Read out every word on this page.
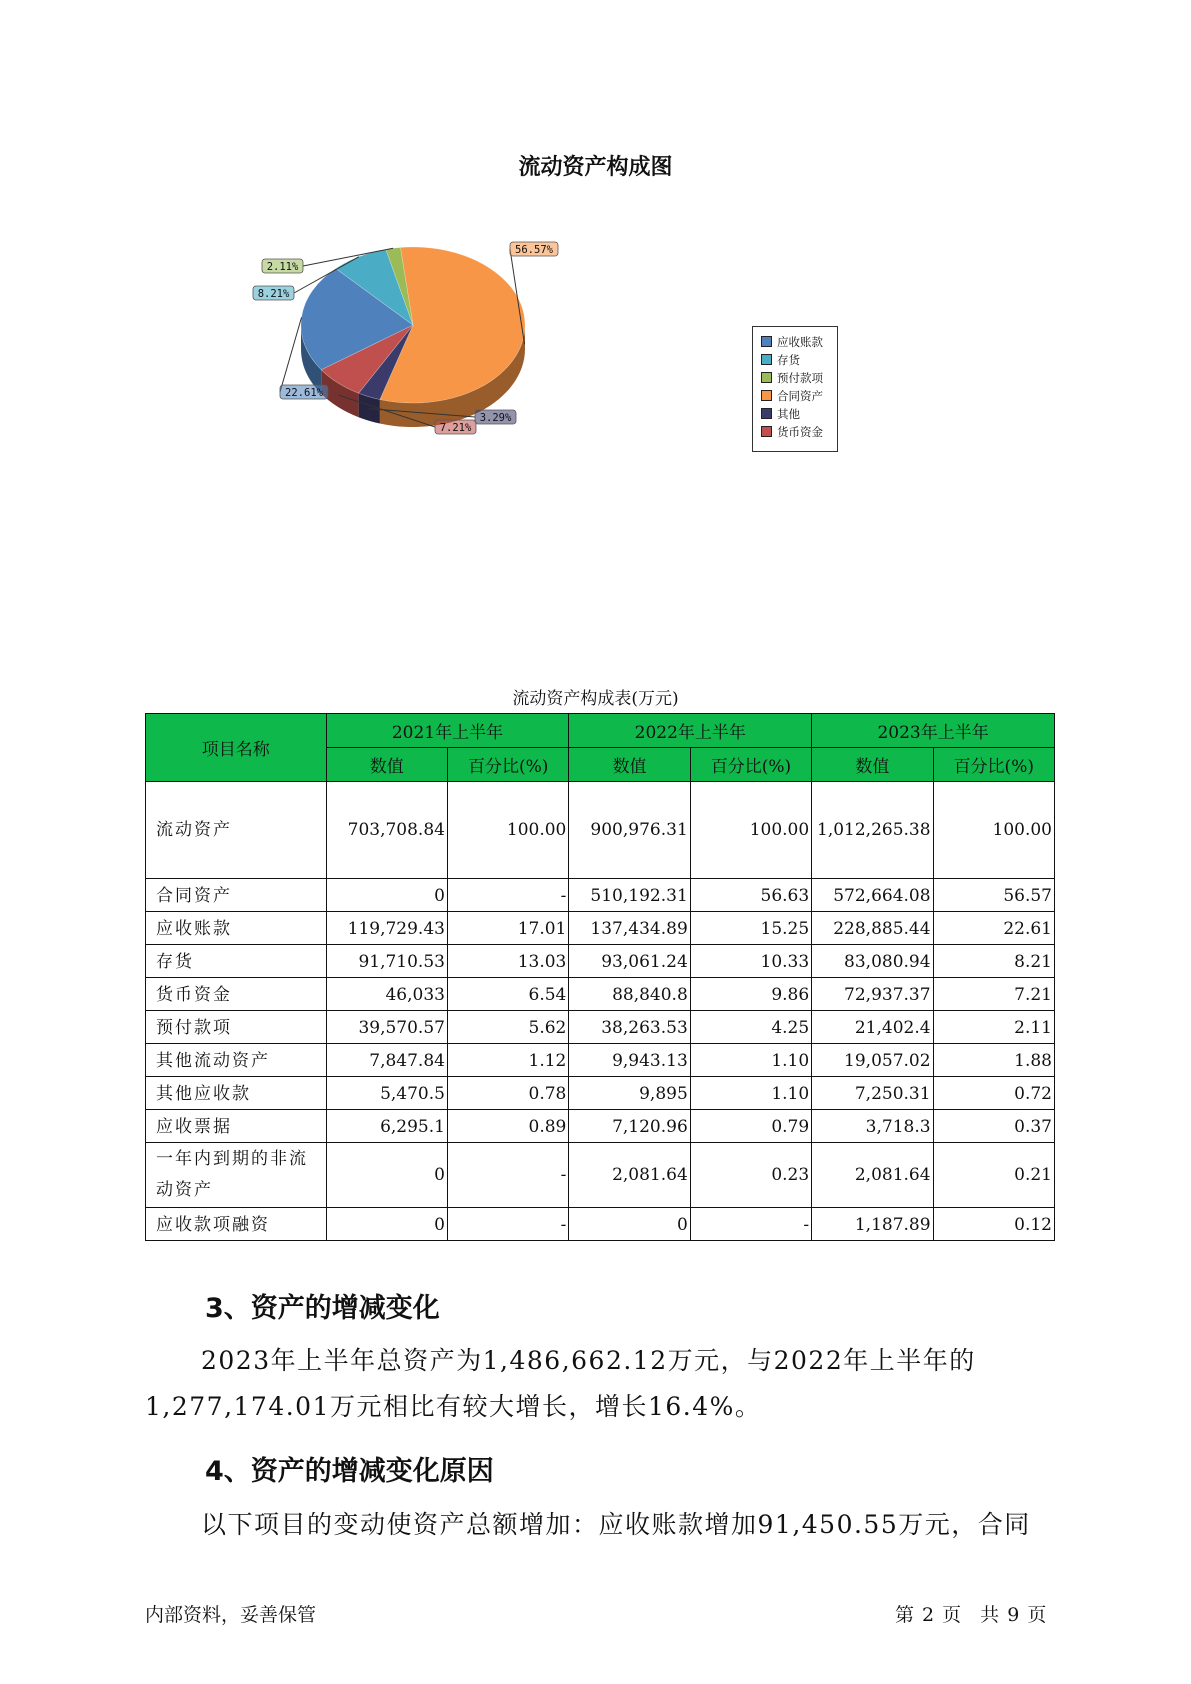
流动资产构成图
56.57%
3.29%
7.21%
22.61%
8.21%
2.11%
应收账款
存货
预付款项
合同资产
其他
货币资金
流动资产构成表(万元)
项目名称	2021年上半年		2022年上半年		2023年上半年	
	数值	百分比(%)	数值	百分比(%)	数值	百分比(%)
流动资产	703,708.84	100.00	900,976.31	100.00	1,012,265.38	100.00
合同资产	0	-	510,192.31	56.63	572,664.08	56.57
应收账款	119,729.43	17.01	137,434.89	15.25	228,885.44	22.61
存货	91,710.53	13.03	93,061.24	10.33	83,080.94	8.21
货币资金	46,033	6.54	88,840.8	9.86	72,937.37	7.21
预付款项	39,570.57	5.62	38,263.53	4.25	21,402.4	2.11
其他流动资产	7,847.84	1.12	9,943.13	1.10	19,057.02	1.88
其他应收款	5,470.5	0.78	9,895	1.10	7,250.31	0.72
应收票据	6,295.1	0.89	7,120.96	0.79	3,718.3	0.37
一年内到期的非流动资产	0	-	2,081.64	0.23	2,081.64	0.21
应收款项融资	0	-	0	-	1,187.89	0.12
3、资产的增减变化

2023年上半年总资产为1,486,662.12万元，与2022年上半年的1,277,174.01万元相比有较大增长，增长16.4%。

4、资产的增减变化原因

以下项目的变动使资产总额增加：应收账款增加91,450.55万元，合同

内部资料，妥善保管	第 2 页　共 9 页
